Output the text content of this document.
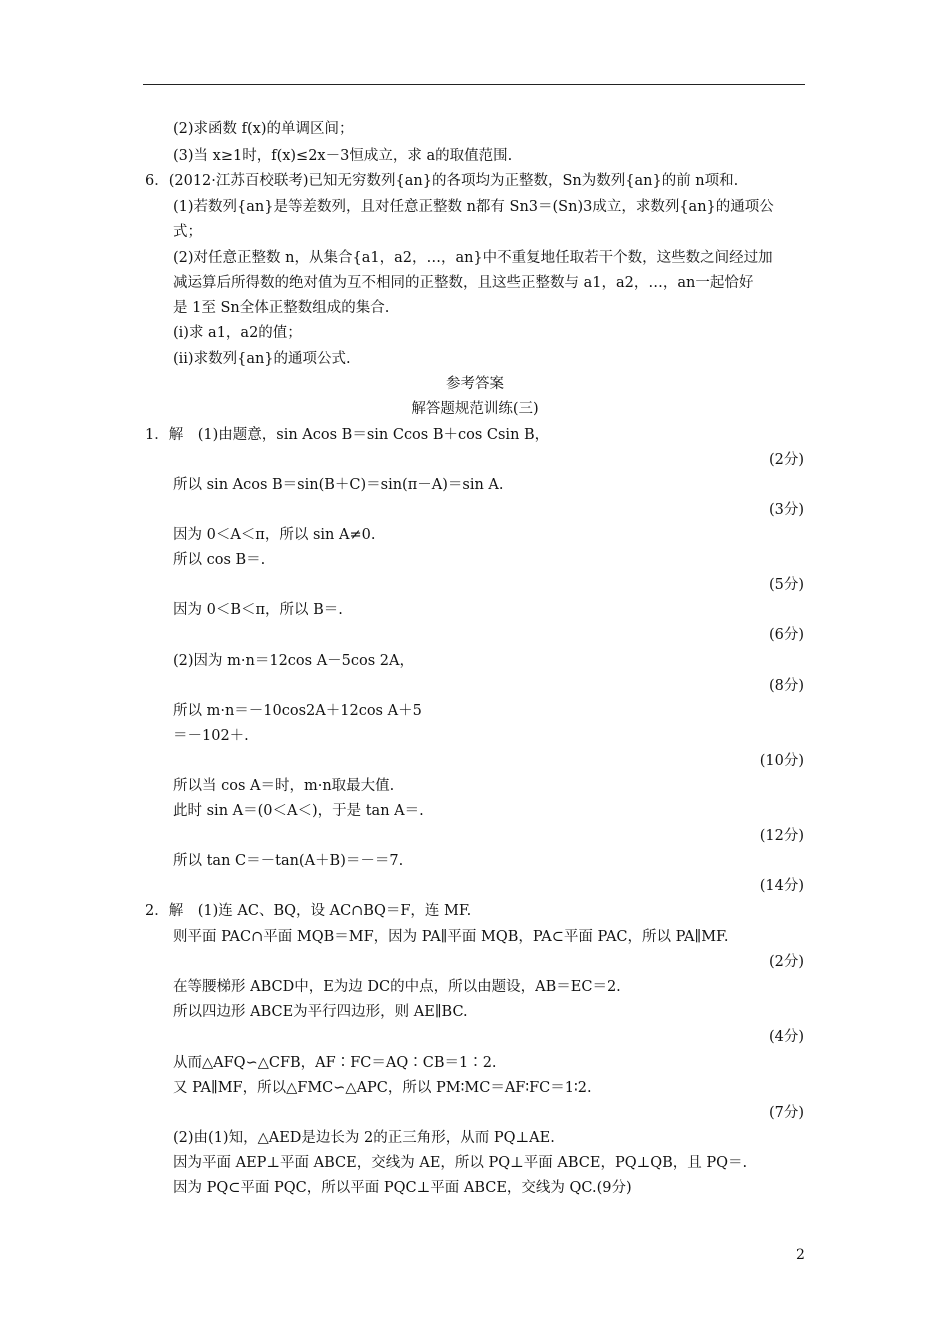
(2)求函数 f(x)的单调区间；
(3)当 x≥1时，f(x)≤2x－3恒成立，求 a的取值范围.
6．(2012·江苏百校联考)已知无穷数列{an}的各项均为正整数，Sn为数列{an}的前 n项和.
(1)若数列{an}是等差数列，且对任意正整数 n都有 Sn3＝(Sn)3成立，求数列{an}的通项公
式；
(2)对任意正整数 n，从集合{a1，a2，…，an}中不重复地任取若干个数，这些数之间经过加
减运算后所得数的绝对值为互不相同的正整数，且这些正整数与 a1，a2，…，an一起恰好
是 1至 Sn全体正整数组成的集合.
(ⅰ)求 a1，a2的值；
(ⅱ)求数列{an}的通项公式.
参考答案
解答题规范训练(三)
1．解　(1)由题意，sin Acos B＝sin Ccos B＋cos Csin B，
(2分)
所以 sin Acos B＝sin(B＋C)＝sin(π－A)＝sin A.
(3分)
因为 0＜A＜π，所以 sin A≠0.
所以 cos B＝.
(5分)
因为 0＜B＜π，所以 B＝.
(6分)
(2)因为 m·n＝12cos A－5cos 2A，
(8分)
所以 m·n＝－10cos2A＋12cos A＋5
＝－102＋.
(10分)
所以当 cos A＝时，m·n取最大值.
此时 sin A＝(0＜A＜)，于是 tan A＝.
(12分)
所以 tan C＝－tan(A＋B)＝－＝7.
(14分)
2．解　(1)连 AC、BQ，设 AC∩BQ＝F，连 MF.
则平面 PAC∩平面 MQB＝MF，因为 PA∥平面 MQB，PA⊂平面 PAC，所以 PA∥MF.
(2分)
在等腰梯形 ABCD中，E为边 DC的中点，所以由题设，AB＝EC＝2.
所以四边形 ABCE为平行四边形，则 AE∥BC.
(4分)
从而△AFQ∽△CFB，AF∶FC＝AQ∶CB＝1∶2.
又 PA∥MF，所以△FMC∽△APC，所以 PM∶MC＝AF∶FC＝1∶2.
(7分)
(2)由(1)知，△AED是边长为 2的正三角形，从而 PQ⊥AE.
因为平面 AEP⊥平面 ABCE，交线为 AE，所以 PQ⊥平面 ABCE，PQ⊥QB，且 PQ＝.
因为 PQ⊂平面 PQC，所以平面 PQC⊥平面 ABCE，交线为 QC.(9分)
2
